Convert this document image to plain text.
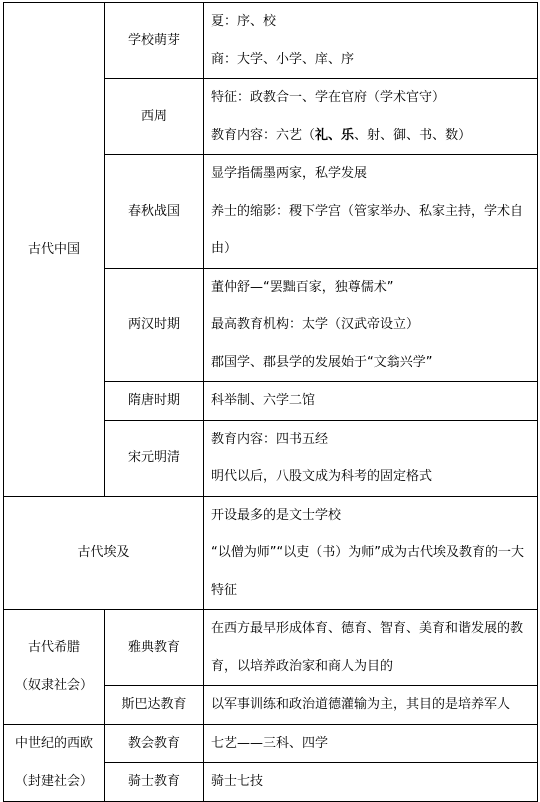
古代中国	学校萌芽	夏：序、校
商：大学、小学、庠、序

	西周	特征：政教合一、学在官府（学术官守）
教育内容：六艺（礼、乐、射、御、书、数）

	春秋战国	显学指儒墨两家，私学发展
养士的缩影：稷下学宫（管家举办、私家主持，学术自由）

	两汉时期	董仲舒—“罢黜百家，独尊儒术”
最高教育机构：太学（汉武帝设立）
郡国学、郡县学的发展始于“文翁兴学”

	隋唐时期	科举制、六学二馆

	宋元明清	教育内容：四书五经
明代以后，八股文成为科考的固定格式

古代埃及		开设最多的是文士学校
“以僧为师”“以吏（书）为师”成为古代埃及教育的一大特征

古代希腊
（奴隶社会）	雅典教育	在西方最早形成体育、德育、智育、美育和谐发展的教育，以培养政治家和商人为目的

	斯巴达教育	以军事训练和政治道德灌输为主，其目的是培养军人

中世纪的西欧
（封建社会）	教会教育	七艺——三科、四学

	骑士教育	骑士七技
